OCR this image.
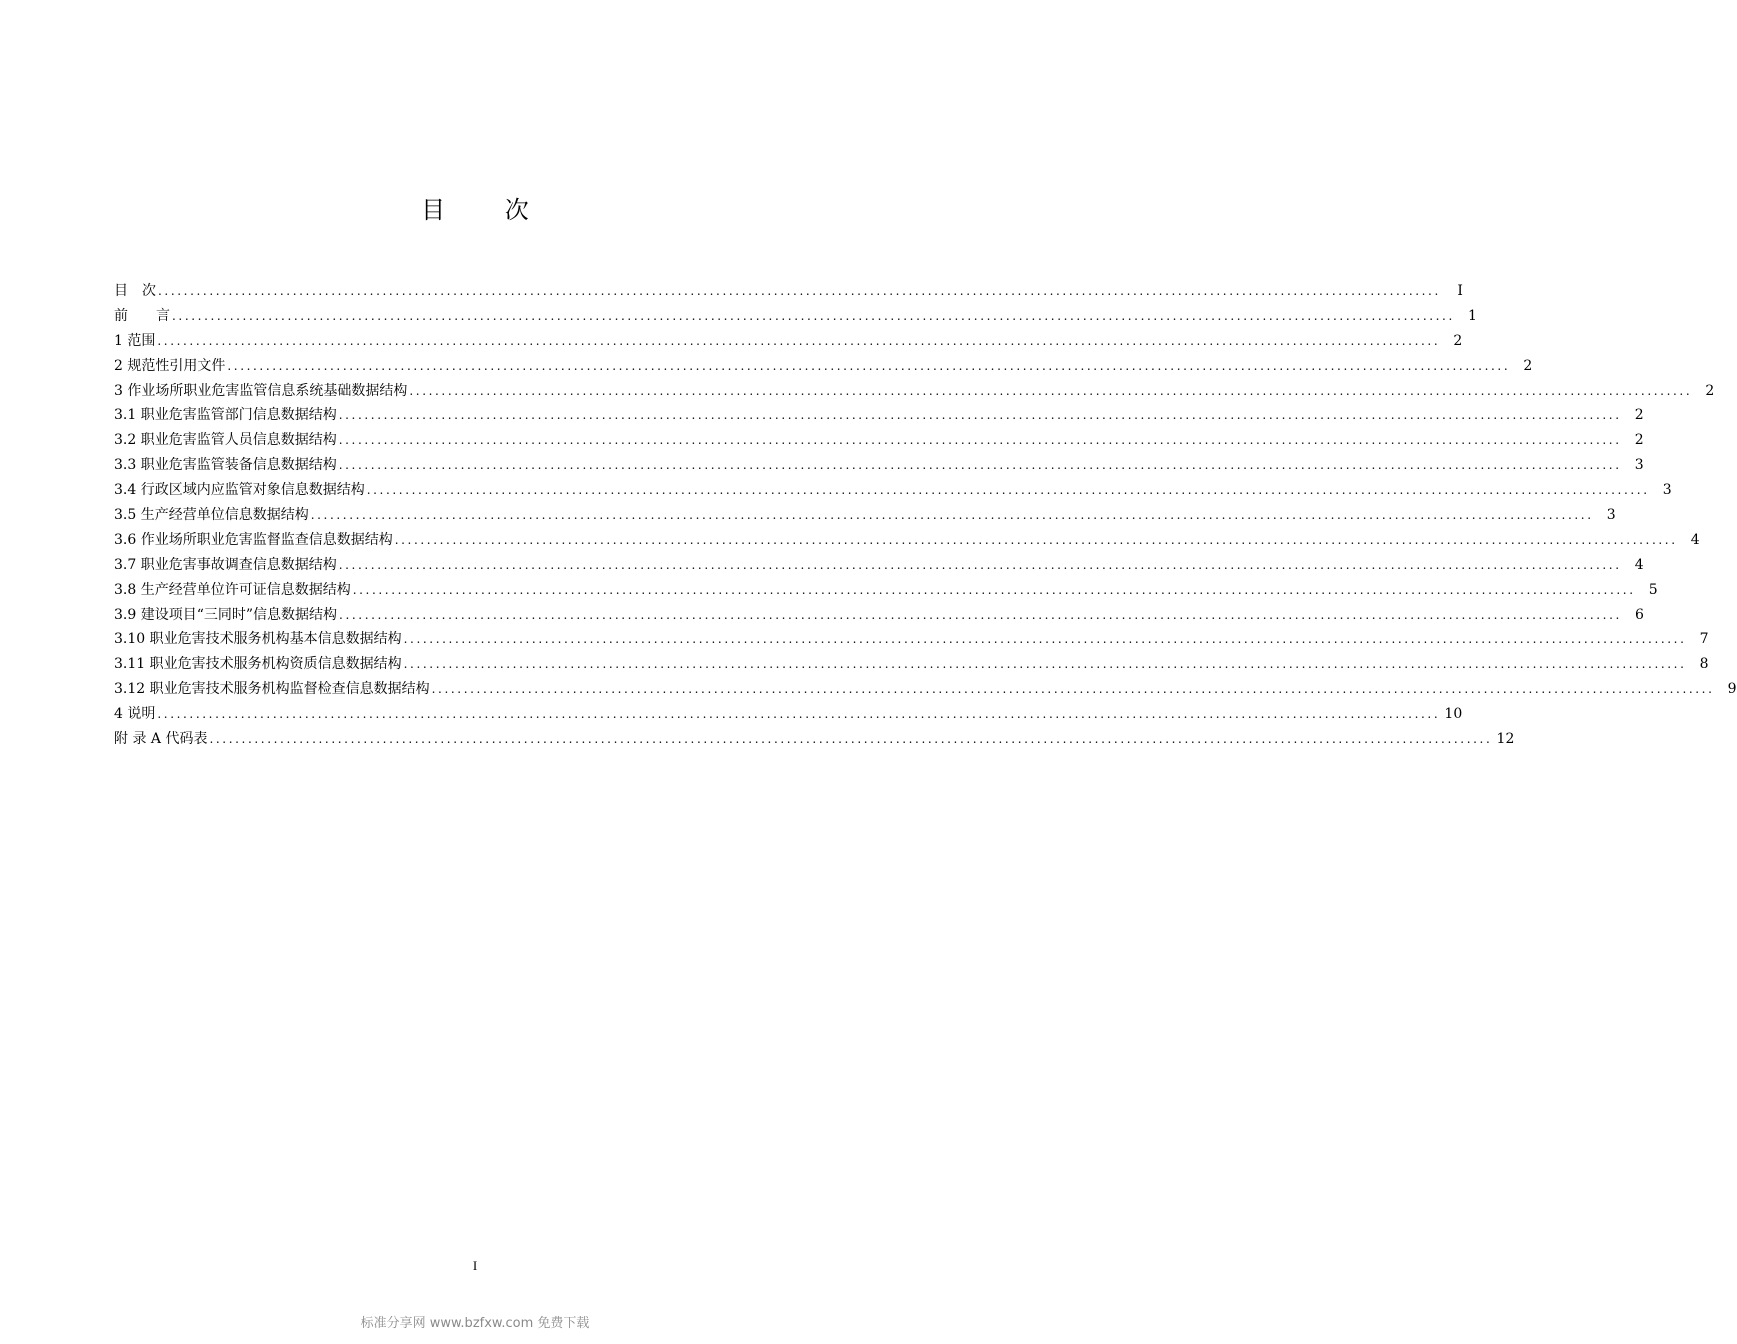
目 次
目　次 ........................................................................................................................................................................................................	I
前　　言 ........................................................................................................................................................................................................ 1
1 范围 ........................................................................................................................................................................................................ 2
2 规范性引用文件 ........................................................................................................................................................................................................ 2
3 作业场所职业危害监管信息系统基础数据结构 ........................................................................................................................................................................................................ 2
3.1 职业危害监管部门信息数据结构 ........................................................................................................................................................................................................ 2
3.2 职业危害监管人员信息数据结构 ........................................................................................................................................................................................................ 2
3.3 职业危害监管装备信息数据结构 ........................................................................................................................................................................................................ 3
3.4 行政区域内应监管对象信息数据结构 ........................................................................................................................................................................................................ 3
3.5 生产经营单位信息数据结构 ........................................................................................................................................................................................................ 3
3.6 作业场所职业危害监督监查信息数据结构 ........................................................................................................................................................................................................ 4
3.7 职业危害事故调查信息数据结构 ........................................................................................................................................................................................................ 4
3.8 生产经营单位许可证信息数据结构 ........................................................................................................................................................................................................ 5
3.9 建设项目“三同时”信息数据结构 ........................................................................................................................................................................................................ 6
3.10 职业危害技术服务机构基本信息数据结构 ........................................................................................................................................................................................................ 7
3.11 职业危害技术服务机构资质信息数据结构 ........................................................................................................................................................................................................ 8
3.12 职业危害技术服务机构监督检查信息数据结构 ........................................................................................................................................................................................................ 9
4 说明 ........................................................................................................................................................................................................ 10
附 录 A 代码表 ........................................................................................................................................................................................................ 12
I
标准分享网 www.bzfxw.com 免费下载
